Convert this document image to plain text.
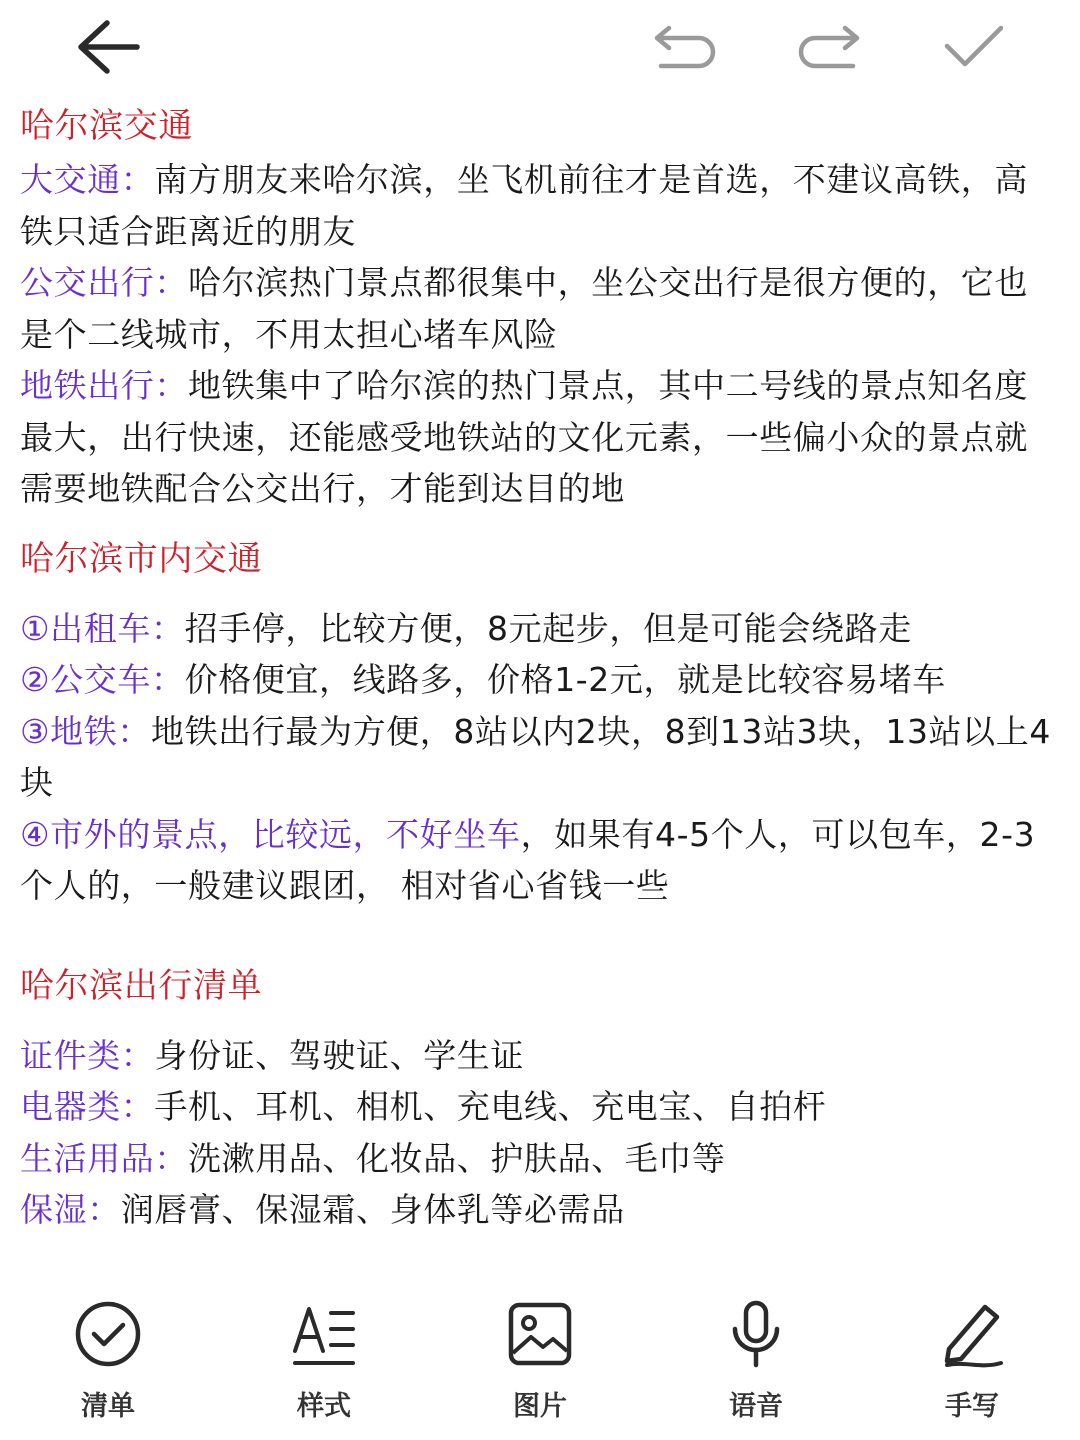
哈尔滨交通

大交通：南方朋友来哈尔滨，坐飞机前往才是首选，不建议高铁，高铁只适合距离近的朋友

公交出行：哈尔滨热门景点都很集中，坐公交出行是很方便的，它也是个二线城市，不用太担心堵车风险

地铁出行：地铁集中了哈尔滨的热门景点，其中二号线的景点知名度最大，出行快速，还能感受地铁站的文化元素，一些偏小众的景点就需要地铁配合公交出行，才能到达目的地

哈尔滨市内交通

①出租车：招手停，比较方便，8元起步，但是可能会绕路走

②公交车：价格便宜，线路多，价格1-2元，就是比较容易堵车

③地铁：地铁出行最为方便，8站以内2块，8到13站3块，13站以上4块

④市外的景点，比较远，不好坐车，如果有4-5个人，可以包车，2-3个人的，一般建议跟团， 相对省心省钱一些

哈尔滨出行清单

证件类：身份证、驾驶证、学生证

电器类：手机、耳机、相机、充电线、充电宝、自拍杆

生活用品：洗漱用品、化妆品、护肤品、毛巾等

保湿：润唇膏、保湿霜、身体乳等必需品

清单	样式	图片	语音	手写
